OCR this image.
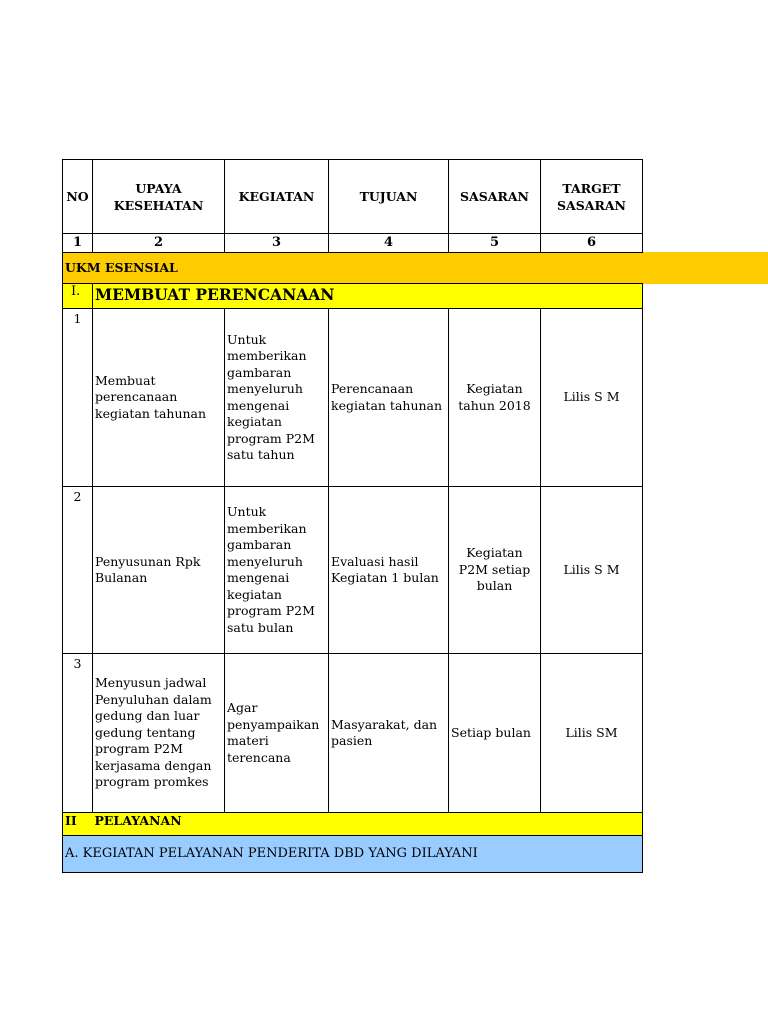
NO	UPAYA KESEHATAN	KEGIATAN	TUJUAN	SASARAN	TARGET SASARAN
1	2	3	4	5	6
UKM ESENSIAL					
I.	MEMBUAT PERENCANAAN				
1	Membuat perencanaan kegiatan tahunan	Untuk memberikan gambaran menyeluruh mengenai kegiatan program P2M satu tahun	Perencanaan kegiatan tahunan	Kegiatan tahun 2018	Lilis S M
2	Penyusunan Rpk Bulanan	Untuk memberikan gambaran menyeluruh mengenai kegiatan program P2M satu bulan	Evaluasi hasil Kegiatan 1 bulan	Kegiatan P2M setiap bulan	Lilis S M
3	Menyusun jadwal Penyuluhan dalam gedung dan luar gedung tentang program P2M kerjasama dengan program promkes	Agar penyampaikan materi terencana	Masyarakat, dan pasien	Setiap bulan	Lilis SM
II	PELAYANAN				
A. KEGIATAN PELAYANAN PENDERITA DBD YANG DILAYANI					
